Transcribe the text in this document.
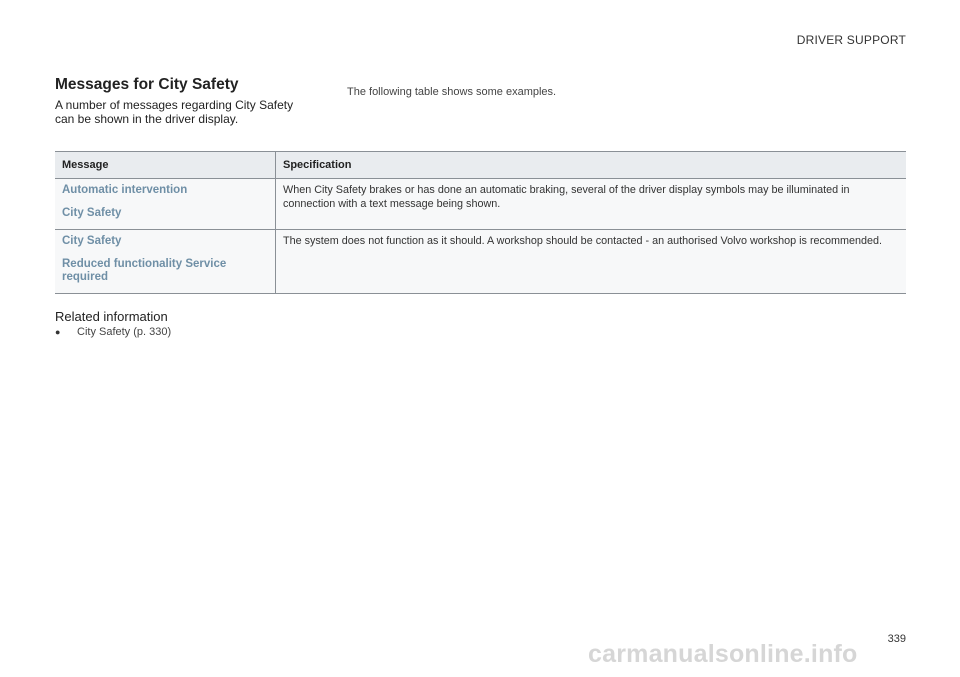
DRIVER SUPPORT
Messages for City Safety

A number of messages regarding City Safety can be shown in the driver display.

The following table shows some examples.

Message	Specification

Automatic intervention
City Safety	When City Safety brakes or has done an automatic braking, several of the driver display symbols may be illuminated in connection with a text message being shown.

City Safety
Reduced functionality Service required	The system does not function as it should. A workshop should be contacted - an authorised Volvo workshop is recommended.
Related information
● City Safety (p. 330)
339
carmanualsonline.info
